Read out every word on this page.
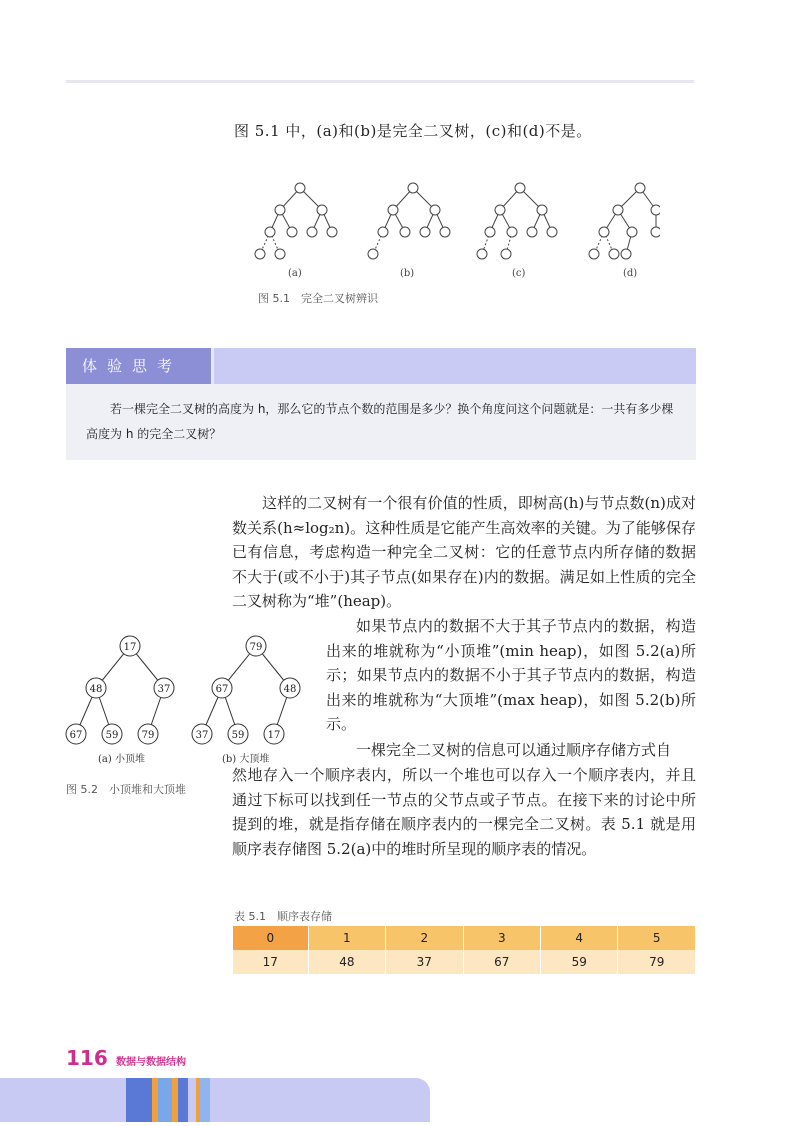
图 5.1 中，(a)和(b)是完全二叉树，(c)和(d)不是。
(a)	(b)	(c)	(d)
图 5.1　完全二叉树辨识
体验思考
若一棵完全二叉树的高度为 h，那么它的节点个数的范围是多少？换个角度问这个问题就是：一共有多少棵高度为 h 的完全二叉树？
这样的二叉树有一个很有价值的性质，即树高(h)与节点数(n)成对数关系(h≈log₂n)。这种性质是它能产生高效率的关键。为了能够保存已有信息，考虑构造一种完全二叉树：它的任意节点内所存储的数据不大于(或不小于)其子节点(如果存在)内的数据。满足如上性质的完全二叉树称为“堆”(heap)。
17
48	37
67 59 79
79
67	48
37 59 17
(a) 小顶堆	(b) 大顶堆
图 5.2　小顶堆和大顶堆
如果节点内的数据不大于其子节点内的数据，构造出来的堆就称为“小顶堆”(min heap)，如图 5.2(a)所示；如果节点内的数据不小于其子节点内的数据，构造出来的堆就称为“大顶堆”(max heap)，如图 5.2(b)所示。
一棵完全二叉树的信息可以通过顺序存储方式自
然地存入一个顺序表内，所以一个堆也可以存入一个顺序表内，并且通过下标可以找到任一节点的父节点或子节点。在接下来的讨论中所提到的堆，就是指存储在顺序表内的一棵完全二叉树。表 5.1 就是用顺序表存储图 5.2(a)中的堆时所呈现的顺序表的情况。
表 5.1　顺序表存储
0	1	2	3	4	5
17	48	37	67	59	79
116 数据与数据结构
